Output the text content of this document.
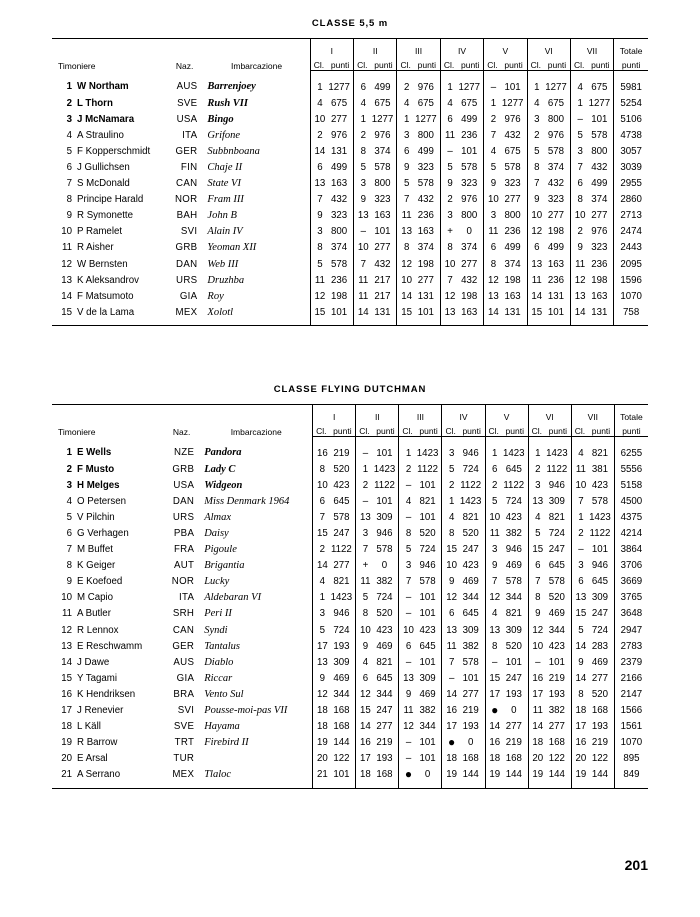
CLASSE 5,5 m
Timoniere	Naz.	Imbarcazione	I		II		III		IV		V		VI		VII		Totale
			Cl.	punti	Cl.	punti	Cl.	punti	Cl.	punti	Cl.	punti	Cl.	punti	Cl.	punti	punti
1 W Northam	AUS	Barrenjoey	1	1277	6	499	2	976	1	1277	–	101	1	1277	4	675	5981
2 L Thorn	SVE	Rush VII	4	675	4	675	4	675	4	675	1	1277	4	675	1	1277	5254
3 J McNamara	USA	Bingo	10	277	1	1277	1	1277	6	499	2	976	3	800	–	101	5106
4 A Straulino	ITA	Grifone	2	976	2	976	3	800	11	236	7	432	2	976	5	578	4738
5 F Kopperschmidt	GER	Subbnboana	14	131	8	374	6	499	–	101	4	675	5	578	3	800	3057
6 J Gullichsen	FIN	Chaje II	6	499	5	578	9	323	5	578	5	578	8	374	7	432	3039
7 S McDonald	CAN	State VI	13	163	3	800	5	578	9	323	9	323	7	432	6	499	2955
8 Principe Harald	NOR	Fram III	7	432	9	323	7	432	2	976	10	277	9	323	8	374	2860
9 R Symonette	BAH	John B	9	323	13	163	11	236	3	800	3	800	10	277	10	277	2713
10 P Ramelet	SVI	Alain IV	3	800	–	101	13	163	+	0	11	236	12	198	2	976	2474
11 R Aisher	GRB	Yeoman XII	8	374	10	277	8	374	8	374	6	499	6	499	9	323	2443
12 W Bernsten	DAN	Web III	5	578	7	432	12	198	10	277	8	374	13	163	11	236	2095
13 K Aleksandrov	URS	Druzhba	11	236	11	217	10	277	7	432	12	198	11	236	12	198	1596
14 F Matsumoto	GIA	Roy	12	198	11	217	14	131	12	198	13	163	14	131	13	163	1070
15 V de la Lama	MEX	Xolotl	15	101	14	131	15	101	13	163	14	131	15	101	14	131	758

CLASSE FLYING DUTCHMAN
Timoniere	Naz.	Imbarcazione	I		II		III		IV		V		VI		VII		Totale
			Cl.	punti	Cl.	punti	Cl.	punti	Cl.	punti	Cl.	punti	Cl.	punti	Cl.	punti	punti
1 E Wells	NZE	Pandora	16	219	–	101	1	1423	3	946	1	1423	1	1423	4	821	6255
2 F Musto	GRB	Lady C	8	520	1	1423	2	1122	5	724	6	645	2	1122	11	381	5556
3 H Melges	USA	Widgeon	10	423	2	1122	–	101	2	1122	2	1122	3	946	10	423	5158
4 O Petersen	DAN	Miss Denmark 1964	6	645	–	101	4	821	1	1423	5	724	13	309	7	578	4500
5 V Pilchin	URS	Almax	7	578	13	309	–	101	4	821	10	423	4	821	1	1423	4375
6 G Verhagen	PBA	Daisy	15	247	3	946	8	520	8	520	11	382	5	724	2	1122	4214
7 M Buffet	FRA	Pigoule	2	1122	7	578	5	724	15	247	3	946	15	247	–	101	3864
8 K Geiger	AUT	Brigantia	14	277	+	0	3	946	10	423	9	469	6	645	3	946	3706
9 E Koefoed	NOR	Lucky	4	821	11	382	7	578	9	469	7	578	7	578	6	645	3669
10 M Capio	ITA	Aldebaran VI	1	1423	5	724	–	101	12	344	12	344	8	520	13	309	3765
11 A Butler	SRH	Peri II	3	946	8	520	–	101	6	645	4	821	9	469	15	247	3648
12 R Lennox	CAN	Syndi	5	724	10	423	10	423	13	309	13	309	12	344	5	724	2947
13 E Reschwamm	GER	Tantalus	17	193	9	469	6	645	11	382	8	520	10	423	14	283	2783
14 J Dawe	AUS	Diablo	13	309	4	821	–	101	7	578	–	101	–	101	9	469	2379
15 Y Tagami	GIA	Riccar	9	469	6	645	13	309	–	101	15	247	16	219	14	277	2166
16 K Hendriksen	BRA	Vento Sul	12	344	12	344	9	469	14	277	17	193	17	193	8	520	2147
17 J Renevier	SVI	Pousse-moi-pas VII	18	168	15	247	11	382	16	219	●	0	11	382	18	168	1566
18 L Käll	SVE	Hayama	18	168	14	277	12	344	17	193	14	277	14	277	17	193	1561
19 R Barrow	TRT	Firebird II	19	144	16	219	–	101	●	0	16	219	18	168	16	219	1070
20 E Arsal	TUR		20	122	17	193	–	101	18	168	18	168	20	122	20	122	895
21 A Serrano	MEX	Tlaloc	21	101	18	168	●	0	19	144	19	144	19	144	19	144	849

201
